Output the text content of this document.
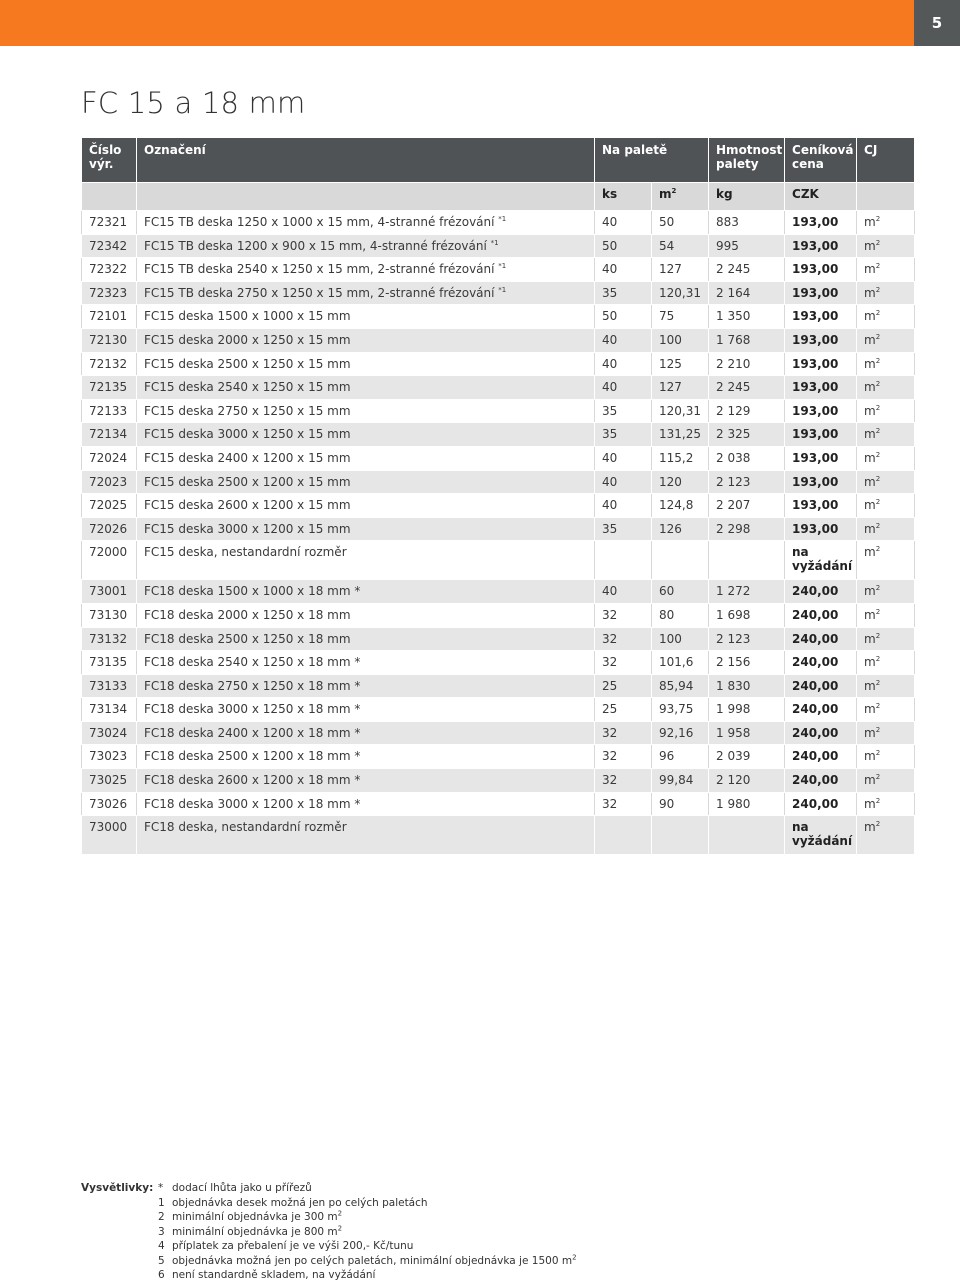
5
FC 15 a 18 mm
Číslo výr.	Označení	Na paletě		Hmotnost palety	Ceníková cena	CJ
		ks	$m^2$	kg	CZK	
72321	FC15 TB deska 1250 x 1000 x 15 mm, 4-stranné frézování $^{*1}$	40	50	883	193,00	$m^2$
72342	FC15 TB deska 1200 x 900 x 15 mm, 4-stranné frézování $^{*1}$	50	54	995	193,00	$m^2$
72322	FC15 TB deska 2540 x 1250 x 15 mm, 2-stranné frézování $^{*1}$	40	127	2 245	193,00	$m^2$
72323	FC15 TB deska 2750 x 1250 x 15 mm, 2-stranné frézování $^{*1}$	35	120,31	2 164	193,00	$m^2$
72101	FC15 deska 1500 x 1000 x 15 mm	50	75	1 350	193,00	$m^2$
72130	FC15 deska 2000 x 1250 x 15 mm	40	100	1 768	193,00	$m^2$
72132	FC15 deska 2500 x 1250 x 15 mm	40	125	2 210	193,00	$m^2$
72135	FC15 deska 2540 x 1250 x 15 mm	40	127	2 245	193,00	$m^2$
72133	FC15 deska 2750 x 1250 x 15 mm	35	120,31	2 129	193,00	$m^2$
72134	FC15 deska 3000 x 1250 x 15 mm	35	131,25	2 325	193,00	$m^2$
72024	FC15 deska 2400 x 1200 x 15 mm	40	115,2	2 038	193,00	$m^2$
72023	FC15 deska 2500 x 1200 x 15 mm	40	120	2 123	193,00	$m^2$
72025	FC15 deska 2600 x 1200 x 15 mm	40	124,8	2 207	193,00	$m^2$
72026	FC15 deska 3000 x 1200 x 15 mm	35	126	2 298	193,00	$m^2$
72000	FC15 deska, nestandardní rozměr				na vyžádání	$m^2$
73001	FC18 deska 1500 x 1000 x 18 mm *	40	60	1 272	240,00	$m^2$
73130	FC18 deska 2000 x 1250 x 18 mm	32	80	1 698	240,00	$m^2$
73132	FC18 deska 2500 x 1250 x 18 mm	32	100	2 123	240,00	$m^2$
73135	FC18 deska 2540 x 1250 x 18 mm *	32	101,6	2 156	240,00	$m^2$
73133	FC18 deska 2750 x 1250 x 18 mm *	25	85,94	1 830	240,00	$m^2$
73134	FC18 deska 3000 x 1250 x 18 mm *	25	93,75	1 998	240,00	$m^2$
73024	FC18 deska 2400 x 1200 x 18 mm *	32	92,16	1 958	240,00	$m^2$
73023	FC18 deska 2500 x 1200 x 18 mm *	32	96	2 039	240,00	$m^2$
73025	FC18 deska 2600 x 1200 x 18 mm *	32	99,84	2 120	240,00	$m^2$
73026	FC18 deska 3000 x 1200 x 18 mm *	32	90	1 980	240,00	$m^2$
73000	FC18 deska, nestandardní rozměr				na vyžádání	$m^2$
Vysvětlivky: * dodací lhůta jako u přířezů
1 objednávka desek možná jen po celých paletách
2 minimální objednávka je 300 $m^2$
3 minimální objednávka je 800 $m^2$
4 příplatek za přebalení je ve výši 200,- Kč/tunu
5 objednávka možná jen po celých paletách, minimální objednávka je 1500 $m^2$
6 není standardně skladem, na vyžádání
